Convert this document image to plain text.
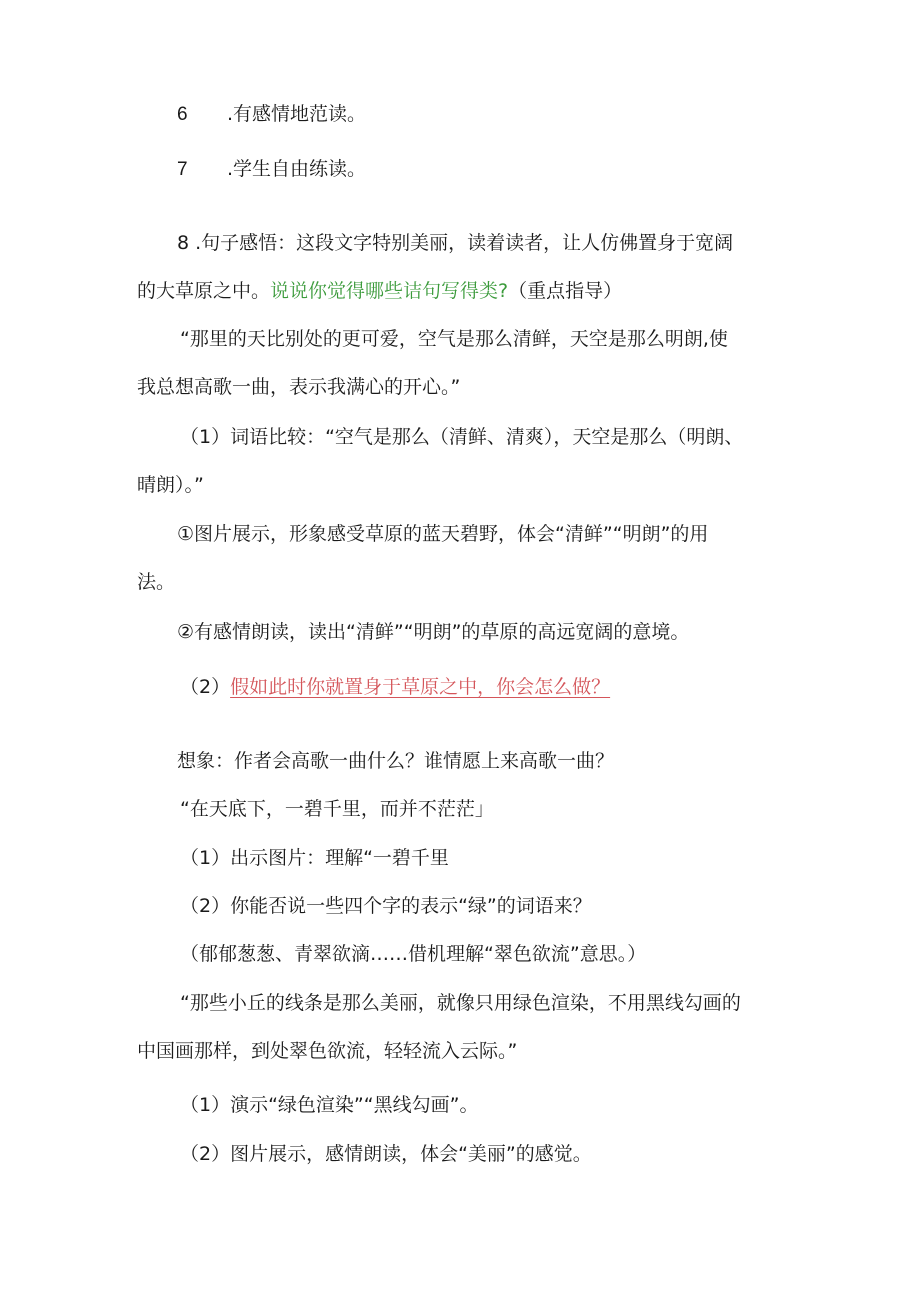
6 .有感情地范读。
7 .学生自由练读。
8 .句子感悟：这段文字特别美丽，读着读者，让人仿佛置身于宽阔
的大草原之中。说说你觉得哪些诘句写得类?（重点指导）
“那里的天比别处的更可爱，空气是那么清鲜，天空是那么明朗,使
我总想高歌一曲，表示我满心的开心。”
（1）词语比较：“空气是那么（清鲜、清爽），天空是那么（明朗、
晴朗）。”
①图片展示，形象感受草原的蓝天碧野，体会“清鲜”“明朗”的用
法。
②有感情朗读，读出“清鲜”“明朗”的草原的高远宽阔的意境。
（2）假如此时你就置身于草原之中，你会怎么做？
想象：作者会高歌一曲什么？谁情愿上来高歌一曲？
“在天底下，一碧千里，而并不茫茫」
（1）出示图片：理解“一碧千里
（2）你能否说一些四个字的表示“绿”的词语来？
（郁郁葱葱、青翠欲滴……借机理解“翠色欲流”意思。）
“那些小丘的线条是那么美丽，就像只用绿色渲染，不用黑线勾画的
中国画那样，到处翠色欲流，轻轻流入云际。”
（1）演示“绿色渲染”“黑线勾画”。
（2）图片展示，感情朗读，体会“美丽”的感觉。
